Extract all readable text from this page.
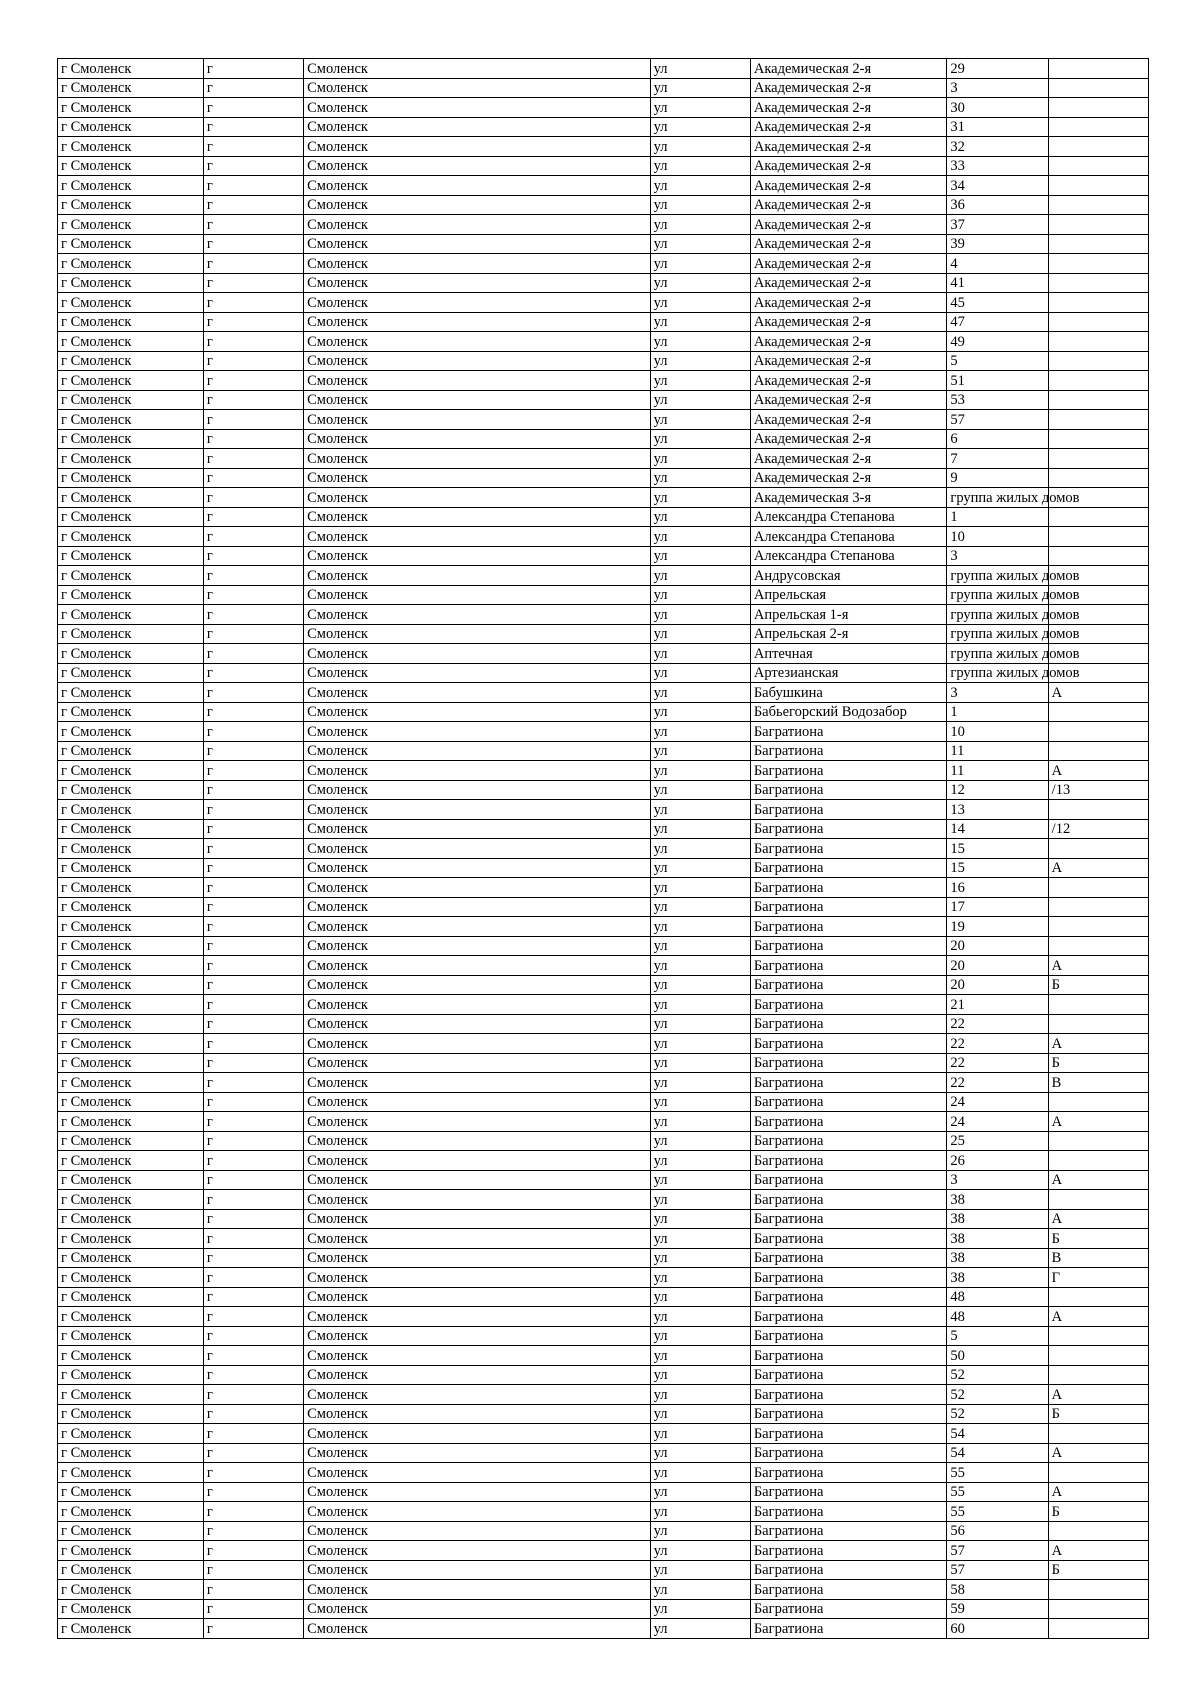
г Смоленск	г	Смоленск	ул	Академическая 2-я	29	
г Смоленск	г	Смоленск	ул	Академическая 2-я	3	
г Смоленск	г	Смоленск	ул	Академическая 2-я	30	
г Смоленск	г	Смоленск	ул	Академическая 2-я	31	
г Смоленск	г	Смоленск	ул	Академическая 2-я	32	
г Смоленск	г	Смоленск	ул	Академическая 2-я	33	
г Смоленск	г	Смоленск	ул	Академическая 2-я	34	
г Смоленск	г	Смоленск	ул	Академическая 2-я	36	
г Смоленск	г	Смоленск	ул	Академическая 2-я	37	
г Смоленск	г	Смоленск	ул	Академическая 2-я	39	
г Смоленск	г	Смоленск	ул	Академическая 2-я	4	
г Смоленск	г	Смоленск	ул	Академическая 2-я	41	
г Смоленск	г	Смоленск	ул	Академическая 2-я	45	
г Смоленск	г	Смоленск	ул	Академическая 2-я	47	
г Смоленск	г	Смоленск	ул	Академическая 2-я	49	
г Смоленск	г	Смоленск	ул	Академическая 2-я	5	
г Смоленск	г	Смоленск	ул	Академическая 2-я	51	
г Смоленск	г	Смоленск	ул	Академическая 2-я	53	
г Смоленск	г	Смоленск	ул	Академическая 2-я	57	
г Смоленск	г	Смоленск	ул	Академическая 2-я	6	
г Смоленск	г	Смоленск	ул	Академическая 2-я	7	
г Смоленск	г	Смоленск	ул	Академическая 2-я	9	
г Смоленск	г	Смоленск	ул	Академическая 3-я	группа жилых домов	
г Смоленск	г	Смоленск	ул	Александра Степанова	1	
г Смоленск	г	Смоленск	ул	Александра Степанова	10	
г Смоленск	г	Смоленск	ул	Александра Степанова	3	
г Смоленск	г	Смоленск	ул	Андрусовская	группа жилых домов	
г Смоленск	г	Смоленск	ул	Апрельская	группа жилых домов	
г Смоленск	г	Смоленск	ул	Апрельская 1-я	группа жилых домов	
г Смоленск	г	Смоленск	ул	Апрельская 2-я	группа жилых домов	
г Смоленск	г	Смоленск	ул	Аптечная	группа жилых домов	
г Смоленск	г	Смоленск	ул	Артезианская	группа жилых домов	
г Смоленск	г	Смоленск	ул	Бабушкина	3	А
г Смоленск	г	Смоленск	ул	Бабьегорский Водозабор	1	
г Смоленск	г	Смоленск	ул	Багратиона	10	
г Смоленск	г	Смоленск	ул	Багратиона	11	
г Смоленск	г	Смоленск	ул	Багратиона	11	А
г Смоленск	г	Смоленск	ул	Багратиона	12	/13
г Смоленск	г	Смоленск	ул	Багратиона	13	
г Смоленск	г	Смоленск	ул	Багратиона	14	/12
г Смоленск	г	Смоленск	ул	Багратиона	15	
г Смоленск	г	Смоленск	ул	Багратиона	15	А
г Смоленск	г	Смоленск	ул	Багратиона	16	
г Смоленск	г	Смоленск	ул	Багратиона	17	
г Смоленск	г	Смоленск	ул	Багратиона	19	
г Смоленск	г	Смоленск	ул	Багратиона	20	
г Смоленск	г	Смоленск	ул	Багратиона	20	А
г Смоленск	г	Смоленск	ул	Багратиона	20	Б
г Смоленск	г	Смоленск	ул	Багратиона	21	
г Смоленск	г	Смоленск	ул	Багратиона	22	
г Смоленск	г	Смоленск	ул	Багратиона	22	А
г Смоленск	г	Смоленск	ул	Багратиона	22	Б
г Смоленск	г	Смоленск	ул	Багратиона	22	В
г Смоленск	г	Смоленск	ул	Багратиона	24	
г Смоленск	г	Смоленск	ул	Багратиона	24	А
г Смоленск	г	Смоленск	ул	Багратиона	25	
г Смоленск	г	Смоленск	ул	Багратиона	26	
г Смоленск	г	Смоленск	ул	Багратиона	3	А
г Смоленск	г	Смоленск	ул	Багратиона	38	
г Смоленск	г	Смоленск	ул	Багратиона	38	А
г Смоленск	г	Смоленск	ул	Багратиона	38	Б
г Смоленск	г	Смоленск	ул	Багратиона	38	В
г Смоленск	г	Смоленск	ул	Багратиона	38	Г
г Смоленск	г	Смоленск	ул	Багратиона	48	
г Смоленск	г	Смоленск	ул	Багратиона	48	А
г Смоленск	г	Смоленск	ул	Багратиона	5	
г Смоленск	г	Смоленск	ул	Багратиона	50	
г Смоленск	г	Смоленск	ул	Багратиона	52	
г Смоленск	г	Смоленск	ул	Багратиона	52	А
г Смоленск	г	Смоленск	ул	Багратиона	52	Б
г Смоленск	г	Смоленск	ул	Багратиона	54	
г Смоленск	г	Смоленск	ул	Багратиона	54	А
г Смоленск	г	Смоленск	ул	Багратиона	55	
г Смоленск	г	Смоленск	ул	Багратиона	55	А
г Смоленск	г	Смоленск	ул	Багратиона	55	Б
г Смоленск	г	Смоленск	ул	Багратиона	56	
г Смоленск	г	Смоленск	ул	Багратиона	57	А
г Смоленск	г	Смоленск	ул	Багратиона	57	Б
г Смоленск	г	Смоленск	ул	Багратиона	58	
г Смоленск	г	Смоленск	ул	Багратиона	59	
г Смоленск	г	Смоленск	ул	Багратиона	60	
